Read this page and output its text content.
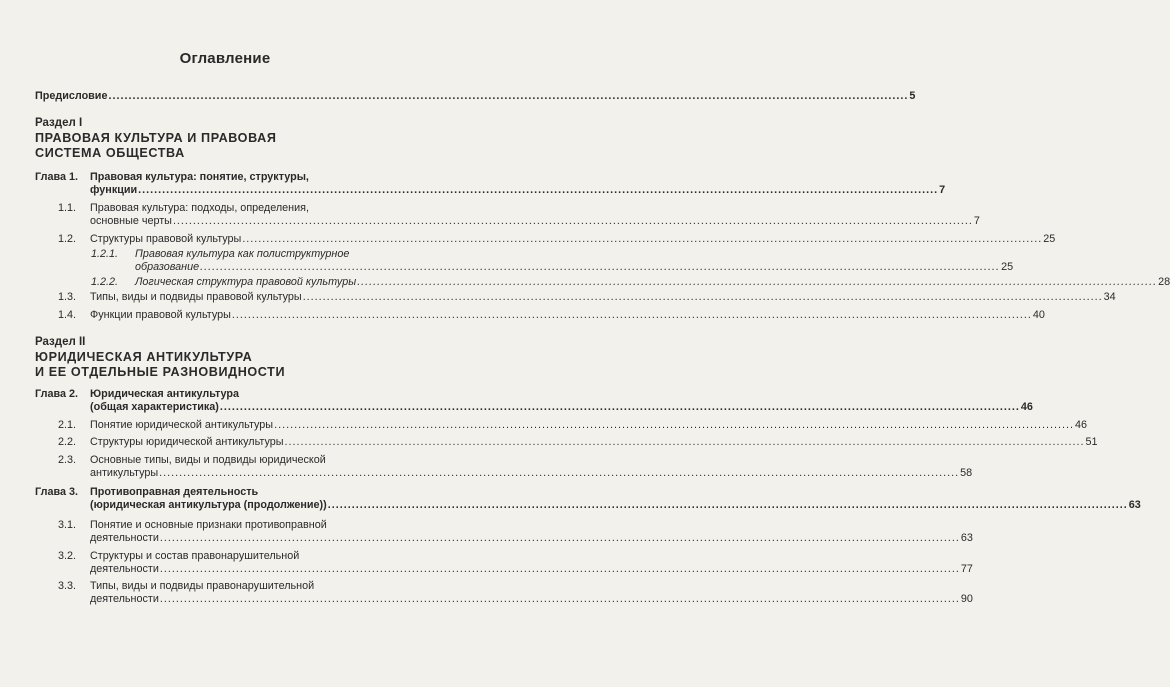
Оглавление
Предисловие ........................................................................................................................................................................................................ 5
Раздел I
ПРАВОВАЯ КУЛЬТУРА И ПРАВОВАЯ
СИСТЕМА ОБЩЕСТВА
Глава 1. Правовая культура: понятие, структуры,
функции ........................................................................................................................................................................................................ 7
1.1. Правовая культура: подходы, определения,
основные черты ........................................................................................................................................................................................................ 7
1.2. Структуры правовой культуры ........................................................................................................................................................................................................ 25
1.2.1. Правовая культура как полиструктурное
образование ........................................................................................................................................................................................................ 25
1.2.2. Логическая структура правовой культуры ........................................................................................................................................................................................................ 28
1.3. Типы, виды и подвиды правовой культуры ........................................................................................................................................................................................................ 34
1.4. Функции правовой культуры ........................................................................................................................................................................................................ 40
Раздел II
ЮРИДИЧЕСКАЯ АНТИКУЛЬТУРА
И ЕЕ ОТДЕЛЬНЫЕ РАЗНОВИДНОСТИ
Глава 2. Юридическая антикультура
(общая характеристика) ........................................................................................................................................................................................................ 46
2.1. Понятие юридической антикультуры ........................................................................................................................................................................................................ 46
2.2. Структуры юридической антикультуры ........................................................................................................................................................................................................ 51
2.3. Основные типы, виды и подвиды юридической
антикультуры ........................................................................................................................................................................................................ 58
Глава 3. Противоправная деятельность
(юридическая антикультура (продолжение)) ........................................................................................................................................................................................................ 63
3.1. Понятие и основные признаки противоправной
деятельности ........................................................................................................................................................................................................ 63
3.2. Структуры и состав правонарушительной
деятельности ........................................................................................................................................................................................................ 77
3.3. Типы, виды и подвиды правонарушительной
деятельности ........................................................................................................................................................................................................ 90
